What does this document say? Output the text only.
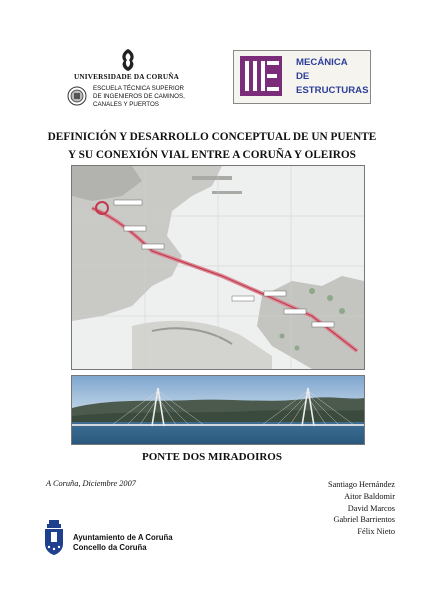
UNIVERSIDADE DA CORUÑA
ESCUELA TÉCNICA SUPERIOR
DE INGENIEROS DE CAMINOS,
CANALES Y PUERTOS
MECÁNICA
DE
ESTRUCTURAS
DEFINICIÓN Y DESARROLLO CONCEPTUAL DE UN PUENTE
Y SU CONEXIÓN VIAL ENTRE A CORUÑA Y OLEIROS
PONTE DOS MIRADOIROS
A Coruña, Diciembre 2007	Santiago Hernández
Aitor Baldomir
David Marcos
Gabriel Barrientos
Félix Nieto
Ayuntamiento de A Coruña
Concello da Coruña
